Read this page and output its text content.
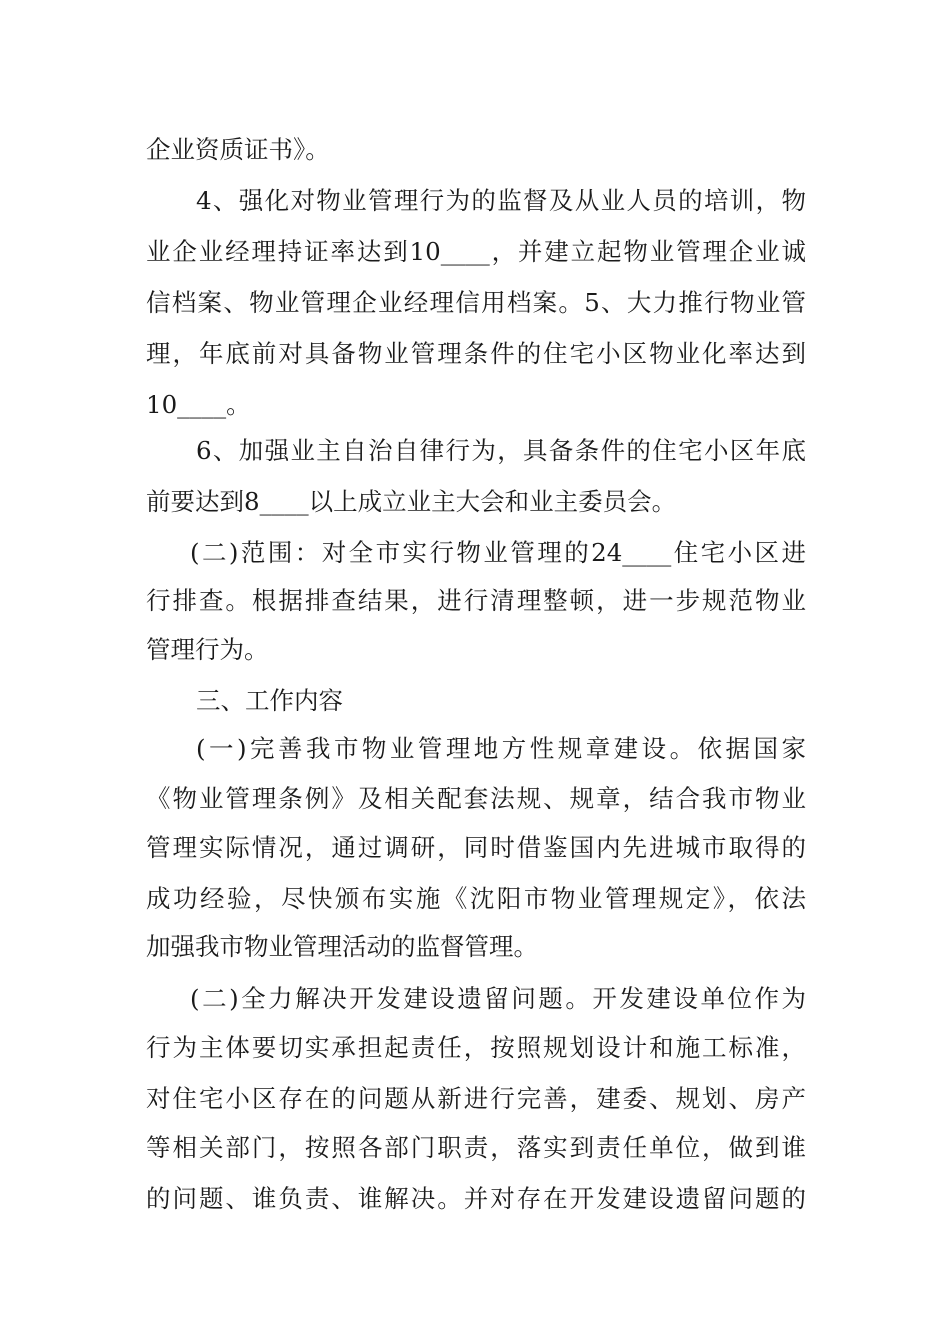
企业资质证书》。
4、强化对物业管理行为的监督及从业人员的培训，物
业企业经理持证率达到10____，并建立起物业管理企业诚
信档案、物业管理企业经理信用档案。5、大力推行物业管
理，年底前对具备物业管理条件的住宅小区物业化率达到
10____。
6、加强业主自治自律行为，具备条件的住宅小区年底
前要达到8____以上成立业主大会和业主委员会。
(二)范围：对全市实行物业管理的24____住宅小区进
行排查。根据排查结果，进行清理整顿，进一步规范物业
管理行为。
三、工作内容
(一)完善我市物业管理地方性规章建设。依据国家
《物业管理条例》及相关配套法规、规章，结合我市物业
管理实际情况，通过调研，同时借鉴国内先进城市取得的
成功经验，尽快颁布实施《沈阳市物业管理规定》，依法
加强我市物业管理活动的监督管理。
(二)全力解决开发建设遗留问题。开发建设单位作为
行为主体要切实承担起责任，按照规划设计和施工标准，
对住宅小区存在的问题从新进行完善，建委、规划、房产
等相关部门，按照各部门职责，落实到责任单位，做到谁
的问题、谁负责、谁解决。并对存在开发建设遗留问题的
